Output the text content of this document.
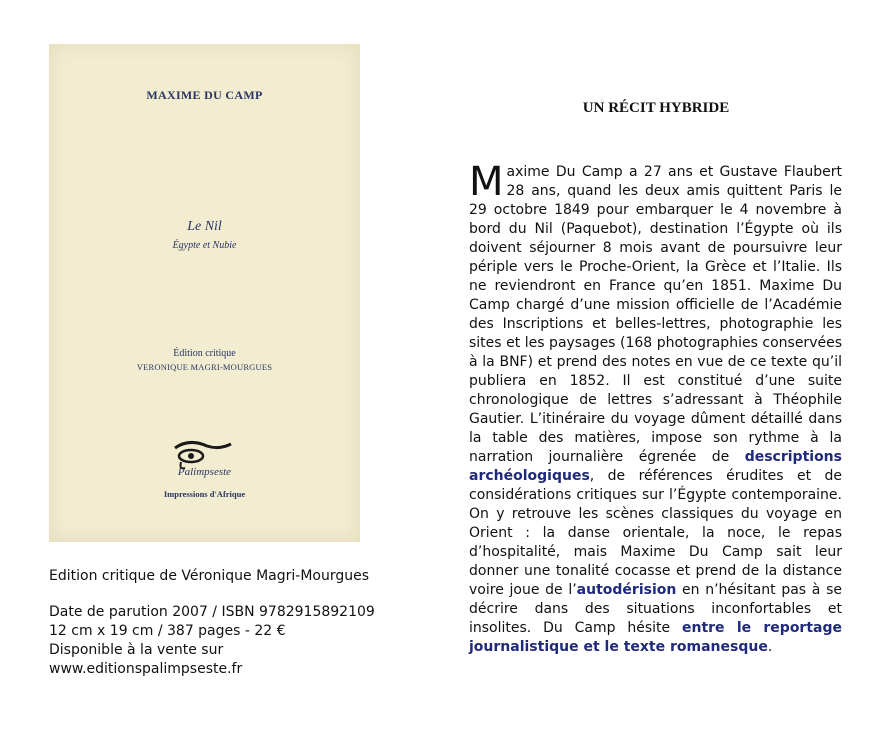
MAXIME DU CAMP
Le Nil
Égypte et Nubie
Édition critique
VERONIQUE MAGRI-MOURGUES
Palimpseste
Impressions d'Afrique
Edition critique de Véronique Magri-Mourgues
Date de parution 2007 / ISBN 9782915892109
12 cm x 19 cm / 387 pages - 22 €
Disponible à la vente sur
www.editionspalimpseste.fr
UN RÉCIT HYBRIDE
Maxime Du Camp a 27 ans et Gustave Flaubert 28 ans, quand les deux amis quittent Paris le 29 octobre 1849 pour embarquer le 4 novembre à bord du Nil (Paquebot), destination l’Égypte où ils doivent séjourner 8 mois avant de poursuivre leur périple vers le Proche-Orient, la Grèce et l’Italie. Ils ne reviendront en France qu’en 1851. Maxime Du Camp chargé d’une mission officielle de l’Académie des Inscriptions et belles-lettres, photographie les sites et les paysages (168 photographies conservées à la BNF) et prend des notes en vue de ce texte qu’il publiera en 1852. Il est constitué d’une suite chronologique de lettres s’adressant à Théophile Gautier. L’itinéraire du voyage dûment détaillé dans la table des matières, impose son rythme à la narration journalière égrenée de descriptions archéologiques, de références érudites et de considérations critiques sur l’Égypte contemporaine. On y retrouve les scènes classiques du voyage en Orient : la danse orientale, la noce, le repas d’hospitalité, mais Maxime Du Camp sait leur donner une tonalité cocasse et prend de la distance voire joue de l’autodérision en n’hésitant pas à se décrire dans des situations inconfortables et insolites. Du Camp hésite entre le reportage journalistique et le texte romanesque.
